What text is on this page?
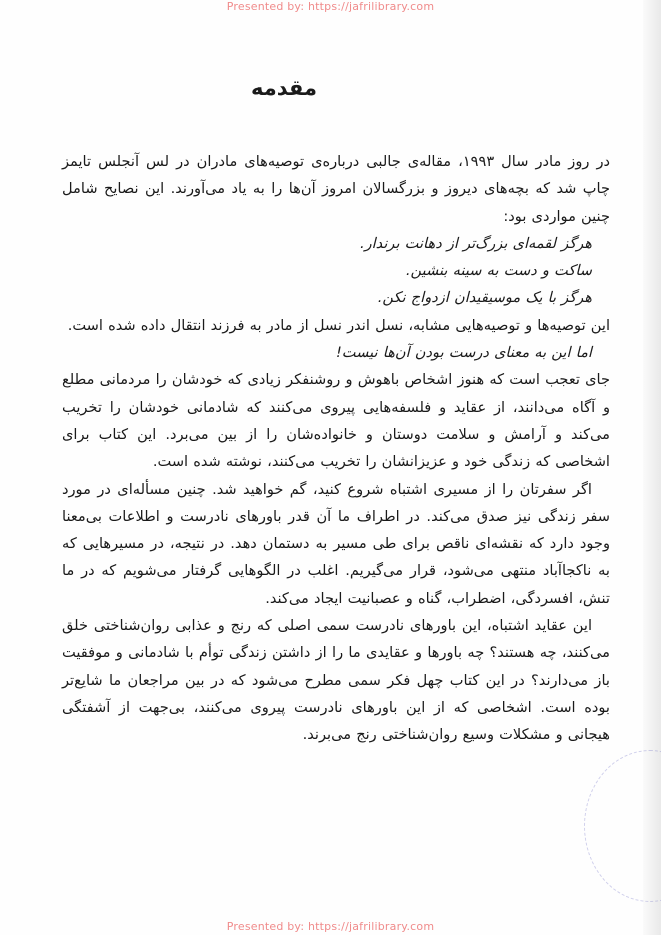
Presented by: https://jafrilibrary.com
مقدمه

در روز مادر سال ۱۹۹۳، مقاله‌ی جالبی درباره‌ی توصیه‌های مادران در لس آنجلس تایمز چاپ شد که بچه‌های دیروز و بزرگسالان امروز آن‌ها را به یاد می‌آورند. این نصایح شامل چنین مواردی بود:

هرگز لقمه‌ای بزرگ‌تر از دهانت برندار.

ساکت و دست به سینه بنشین.

هرگز با یک موسیقیدان ازدواج نکن.

این توصیه‌ها و توصیه‌هایی مشابه، نسل اندر نسل از مادر به فرزند انتقال داده شده است.

اما این به معنای درست بودن آن‌ها نیست!

جای تعجب است که هنوز اشخاص باهوش و روشنفکر زیادی که خودشان را مردمانی مطلع و آگاه می‌دانند، از عقاید و فلسفه‌هایی پیروی می‌کنند که شادمانی خودشان را تخریب می‌کند و آرامش و سلامت دوستان و خانواده‌شان را از بین می‌برد. این کتاب برای اشخاصی که زندگی خود و عزیزانشان را تخریب می‌کنند، نوشته شده است.

اگر سفرتان را از مسیری اشتباه شروع کنید، گم خواهید شد. چنین مسأله‌ای در مورد سفر زندگی نیز صدق می‌کند. در اطراف ما آن قدر باورهای نادرست و اطلاعات بی‌معنا وجود دارد که نقشه‌ای ناقص برای طی مسیر به دستمان دهد. در نتیجه، در مسیرهایی که به ناکجاآباد منتهی می‌شود، قرار می‌گیریم. اغلب در الگوهایی گرفتار می‌شویم که در ما تنش، افسردگی، اضطراب، گناه و عصبانیت ایجاد می‌کند.

این عقاید اشتباه، این باورهای نادرست سمی اصلی که رنج و عذابی روان‌شناختی خلق می‌کنند، چه هستند؟ چه باورها و عقایدی ما را از داشتن زندگی توأم با شادمانی و موفقیت باز می‌دارند؟ در این کتاب چهل فکر سمی مطرح می‌شود که در بین مراجعان ما شایع‌تر بوده است. اشخاصی که از این باورهای نادرست پیروی می‌کنند، بی‌جهت از آشفتگی هیجانی و مشکلات وسیع روان‌شناختی رنج می‌برند.

Presented by: https://jafrilibrary.com
